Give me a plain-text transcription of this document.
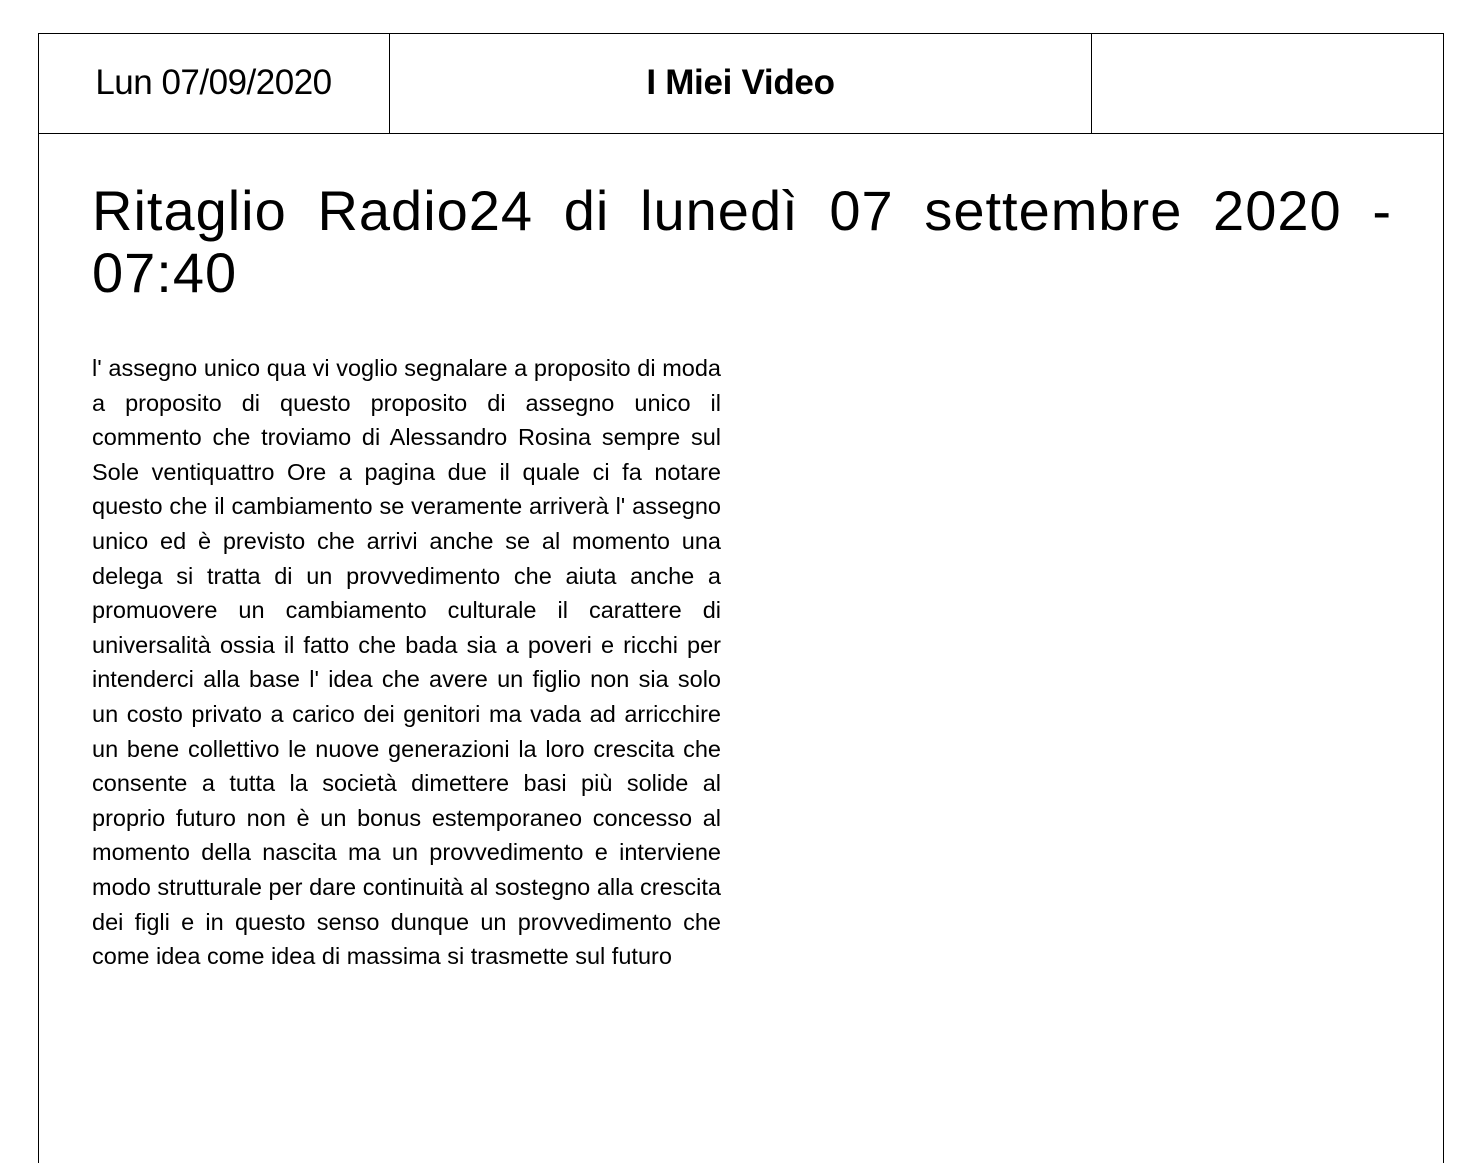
Lun 07/09/2020	I Miei Video
Ritaglio Radio24 di lunedì 07 settembre 2020 - 07:40

l' assegno unico qua vi voglio segnalare a proposito di moda a proposito di questo proposito di assegno unico il commento che troviamo di Alessandro Rosina sempre sul Sole ventiquattro Ore a pagina due il quale ci fa notare questo che il cambiamento se veramente arriverà l' assegno unico ed è previsto che arrivi anche se al momento una delega si tratta di un provvedimento che aiuta anche a promuovere un cambiamento culturale il carattere di universalità ossia il fatto che bada sia a poveri e ricchi per intenderci alla base l' idea che avere un figlio non sia solo un costo privato a carico dei genitori ma vada ad arricchire un bene collettivo le nuove generazioni la loro crescita che consente a tutta la società dimettere basi più solide al proprio futuro non è un bonus estemporaneo concesso al momento della nascita ma un provvedimento e interviene modo strutturale per dare continuità al sostegno alla crescita dei figli e in questo senso dunque un provvedimento che come idea come idea di massima si trasmette sul futuro
